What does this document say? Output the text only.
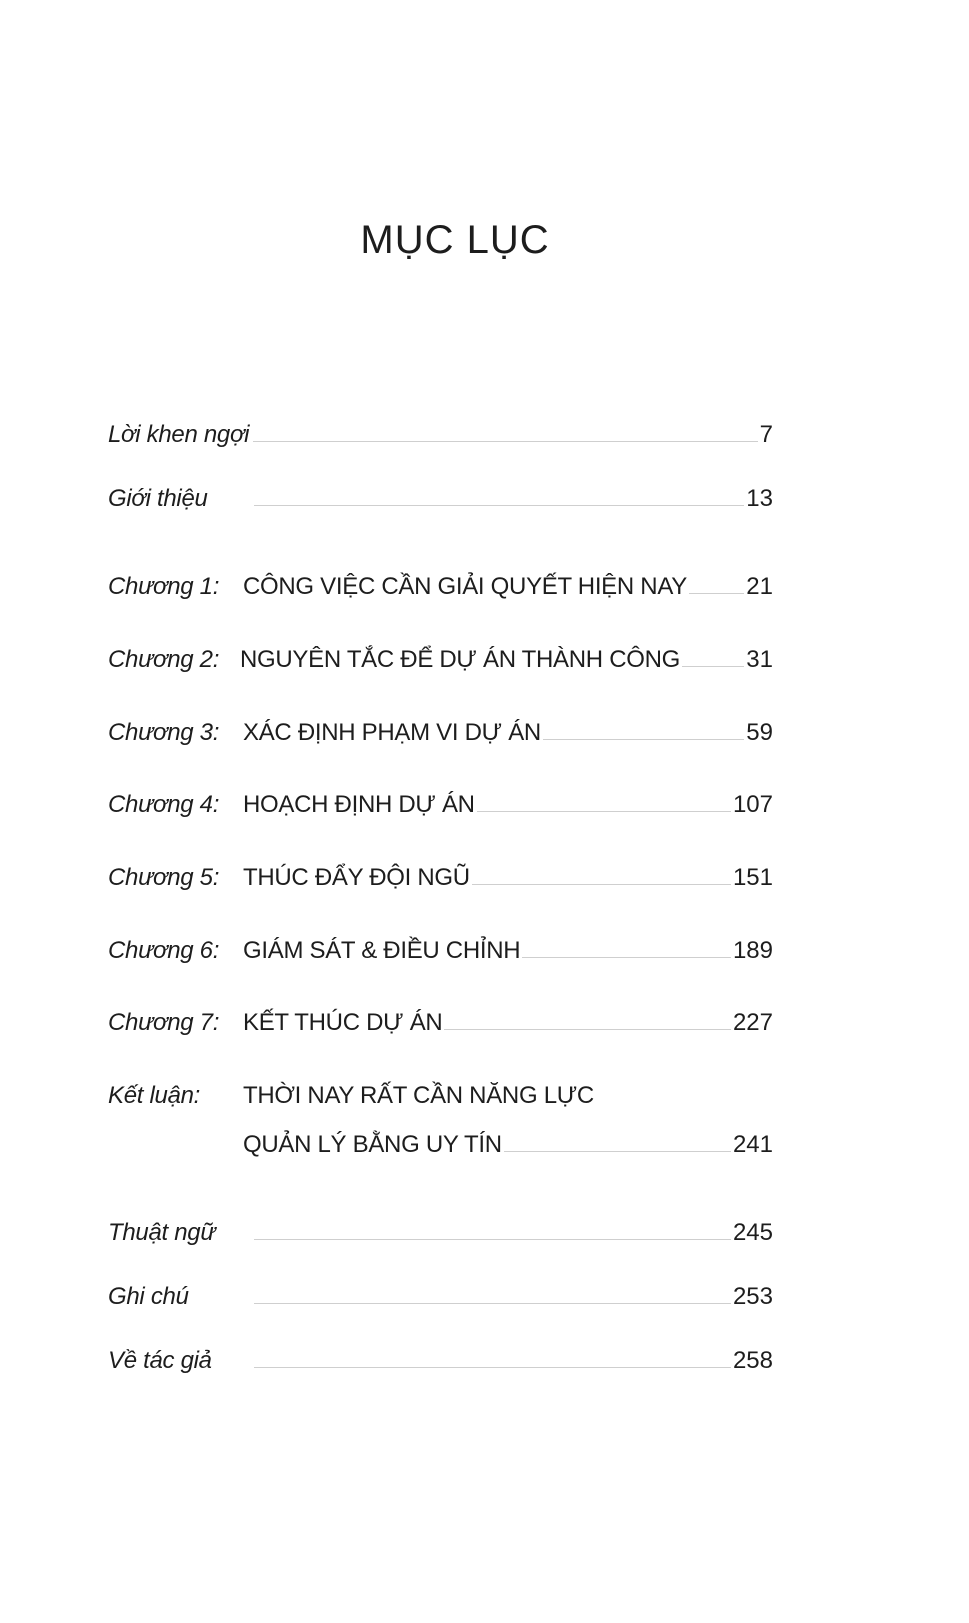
MỤC LỤC
Lời khen ngợi	7
Giới thiệu	13
Chương 1: CÔNG VIỆC CẦN GIẢI QUYẾT HIỆN NAY 21
Chương 2: NGUYÊN TẮC ĐỂ DỰ ÁN THÀNH CÔNG	31
Chương 3: XÁC ĐỊNH PHẠM VI DỰ ÁN	59
Chương 4: HOẠCH ĐỊNH DỰ ÁN	107
Chương 5: THÚC ĐẨY ĐỘI NGŨ	151
Chương 6: GIÁM SÁT & ĐIỀU CHỈNH	189
Chương 7: KẾT THÚC DỰ ÁN	227
Kết luận:	THỜI NAY RẤT CẦN NĂNG LỰC
QUẢN LÝ BẰNG UY TÍN	241
Thuật ngữ	245
Ghi chú	253
Về tác giả	258
